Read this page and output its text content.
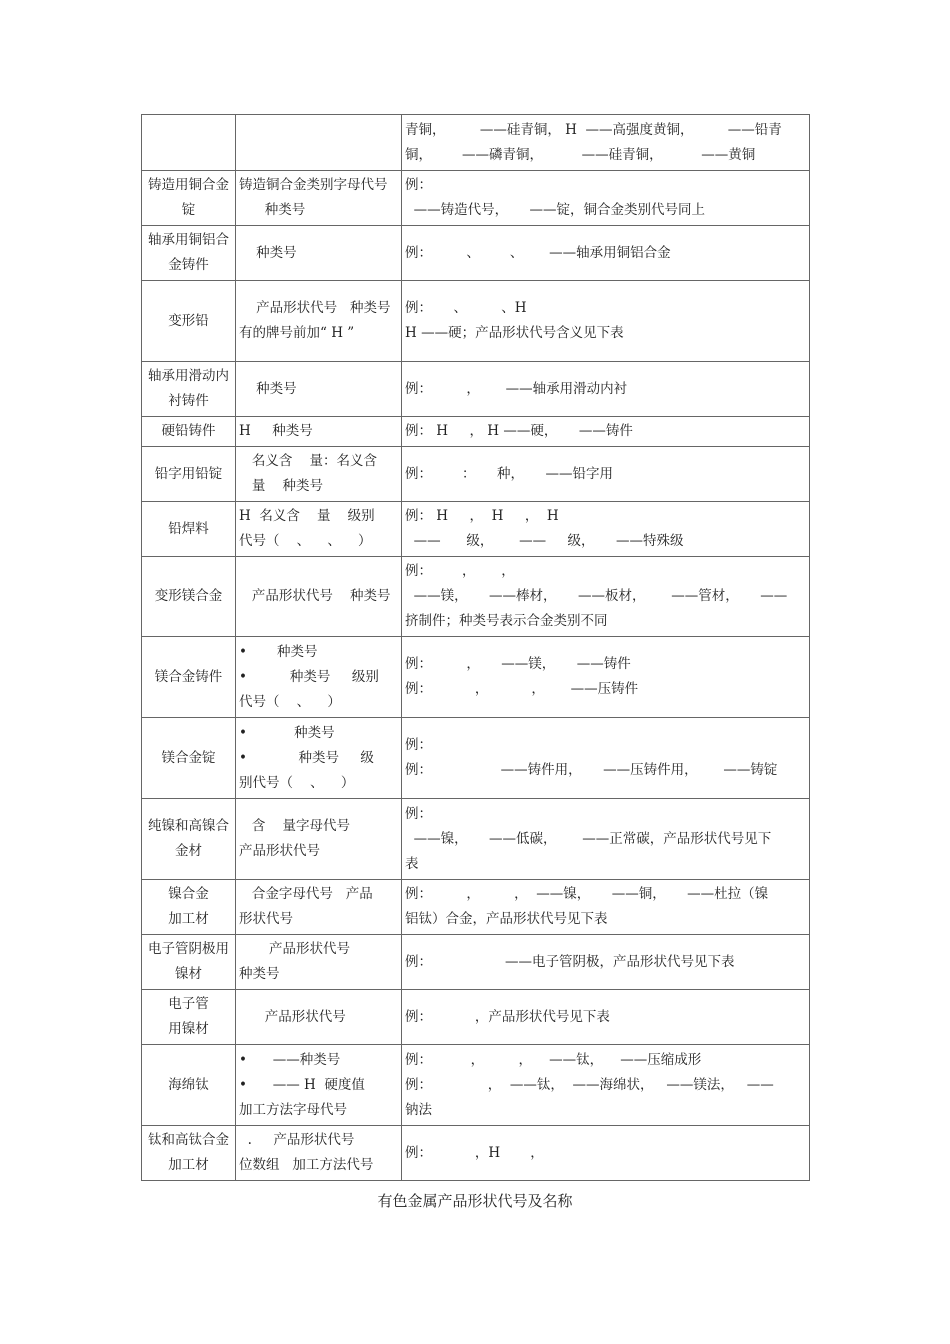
		青铜，        ——硅青铜， H  ——高强度黄铜，        ——铅青
铜，       ——磷青铜，         ——硅青铜，         ——黄铜

铸造用铜合金锭	铸造铜合金类别字母代号
种类号	例：
——铸造代号，     ——锭，铜合金类别代号同上

轴承用铜铝合金铸件	种类号	例：        、       、      ——轴承用铜铝合金

变形铅	产品形状代号   种类号
有的牌号前加“ H ”	例：     、        、H
H ——硬；产品形状代号含义见下表

轴承用滑动内衬铸件	种类号	例：        ，      ——轴承用滑动内衬

硬铅铸件	H     种类号	例： H     ， H ——硬，     ——铸件

铅字用铅锭	名义含    量：名义含
量    种类号	例：       ：     种，     ——铅字用

铅焊料	H  名义含    量    级别
代号（    、    、    ）	例： H     ，  H     ，  H
——      级，      ——     级，     ——特殊级

变形镁合金	产品形状代号    种类号	例：       ，      ，
——镁，     ——棒材，     ——板材，      ——管材，     ——
挤制件；种类号表示合金类别不同

镁合金铸件	•       种类号
•          种类号     级别
代号（    、    ）	例：        ，     ——镁，     ——铸件
例：          ，          ，      ——压铸件

镁合金锭	•           种类号
•            种类号     级
别代号（    、    ）	例：
例：                ——铸件用，     ——压铸件用，      ——铸锭

纯镍和高镍合金材	含    量字母代号
产品形状代号	例：
——镍，     ——低碳，      ——正常碳，产品形状代号见下
表

镍合金
加工材	合金字母代号   产品
形状代号	例：        ，        ，  ——镍，     ——铜，     ——杜拉（镍
铝钛）合金，产品形状代号见下表

电子管阴极用镍材	产品形状代号
种类号	例：                 ——电子管阴极，产品形状代号见下表

电子管
用镍材	产品形状代号	例：          ，产品形状代号见下表

海绵钛	•      ——种类号
•      —— H  硬度值
加工方法字母代号	例：         ，        ，    ——钛，    ——压缩成形
例：             ，  ——钛，  ——海绵状，   ——镁法，   ——
钠法

钛和高钛合金加工材	.     产品形状代号
位数组   加工方法代号	例：          ，H       ，
有色金属产品形状代号及名称
